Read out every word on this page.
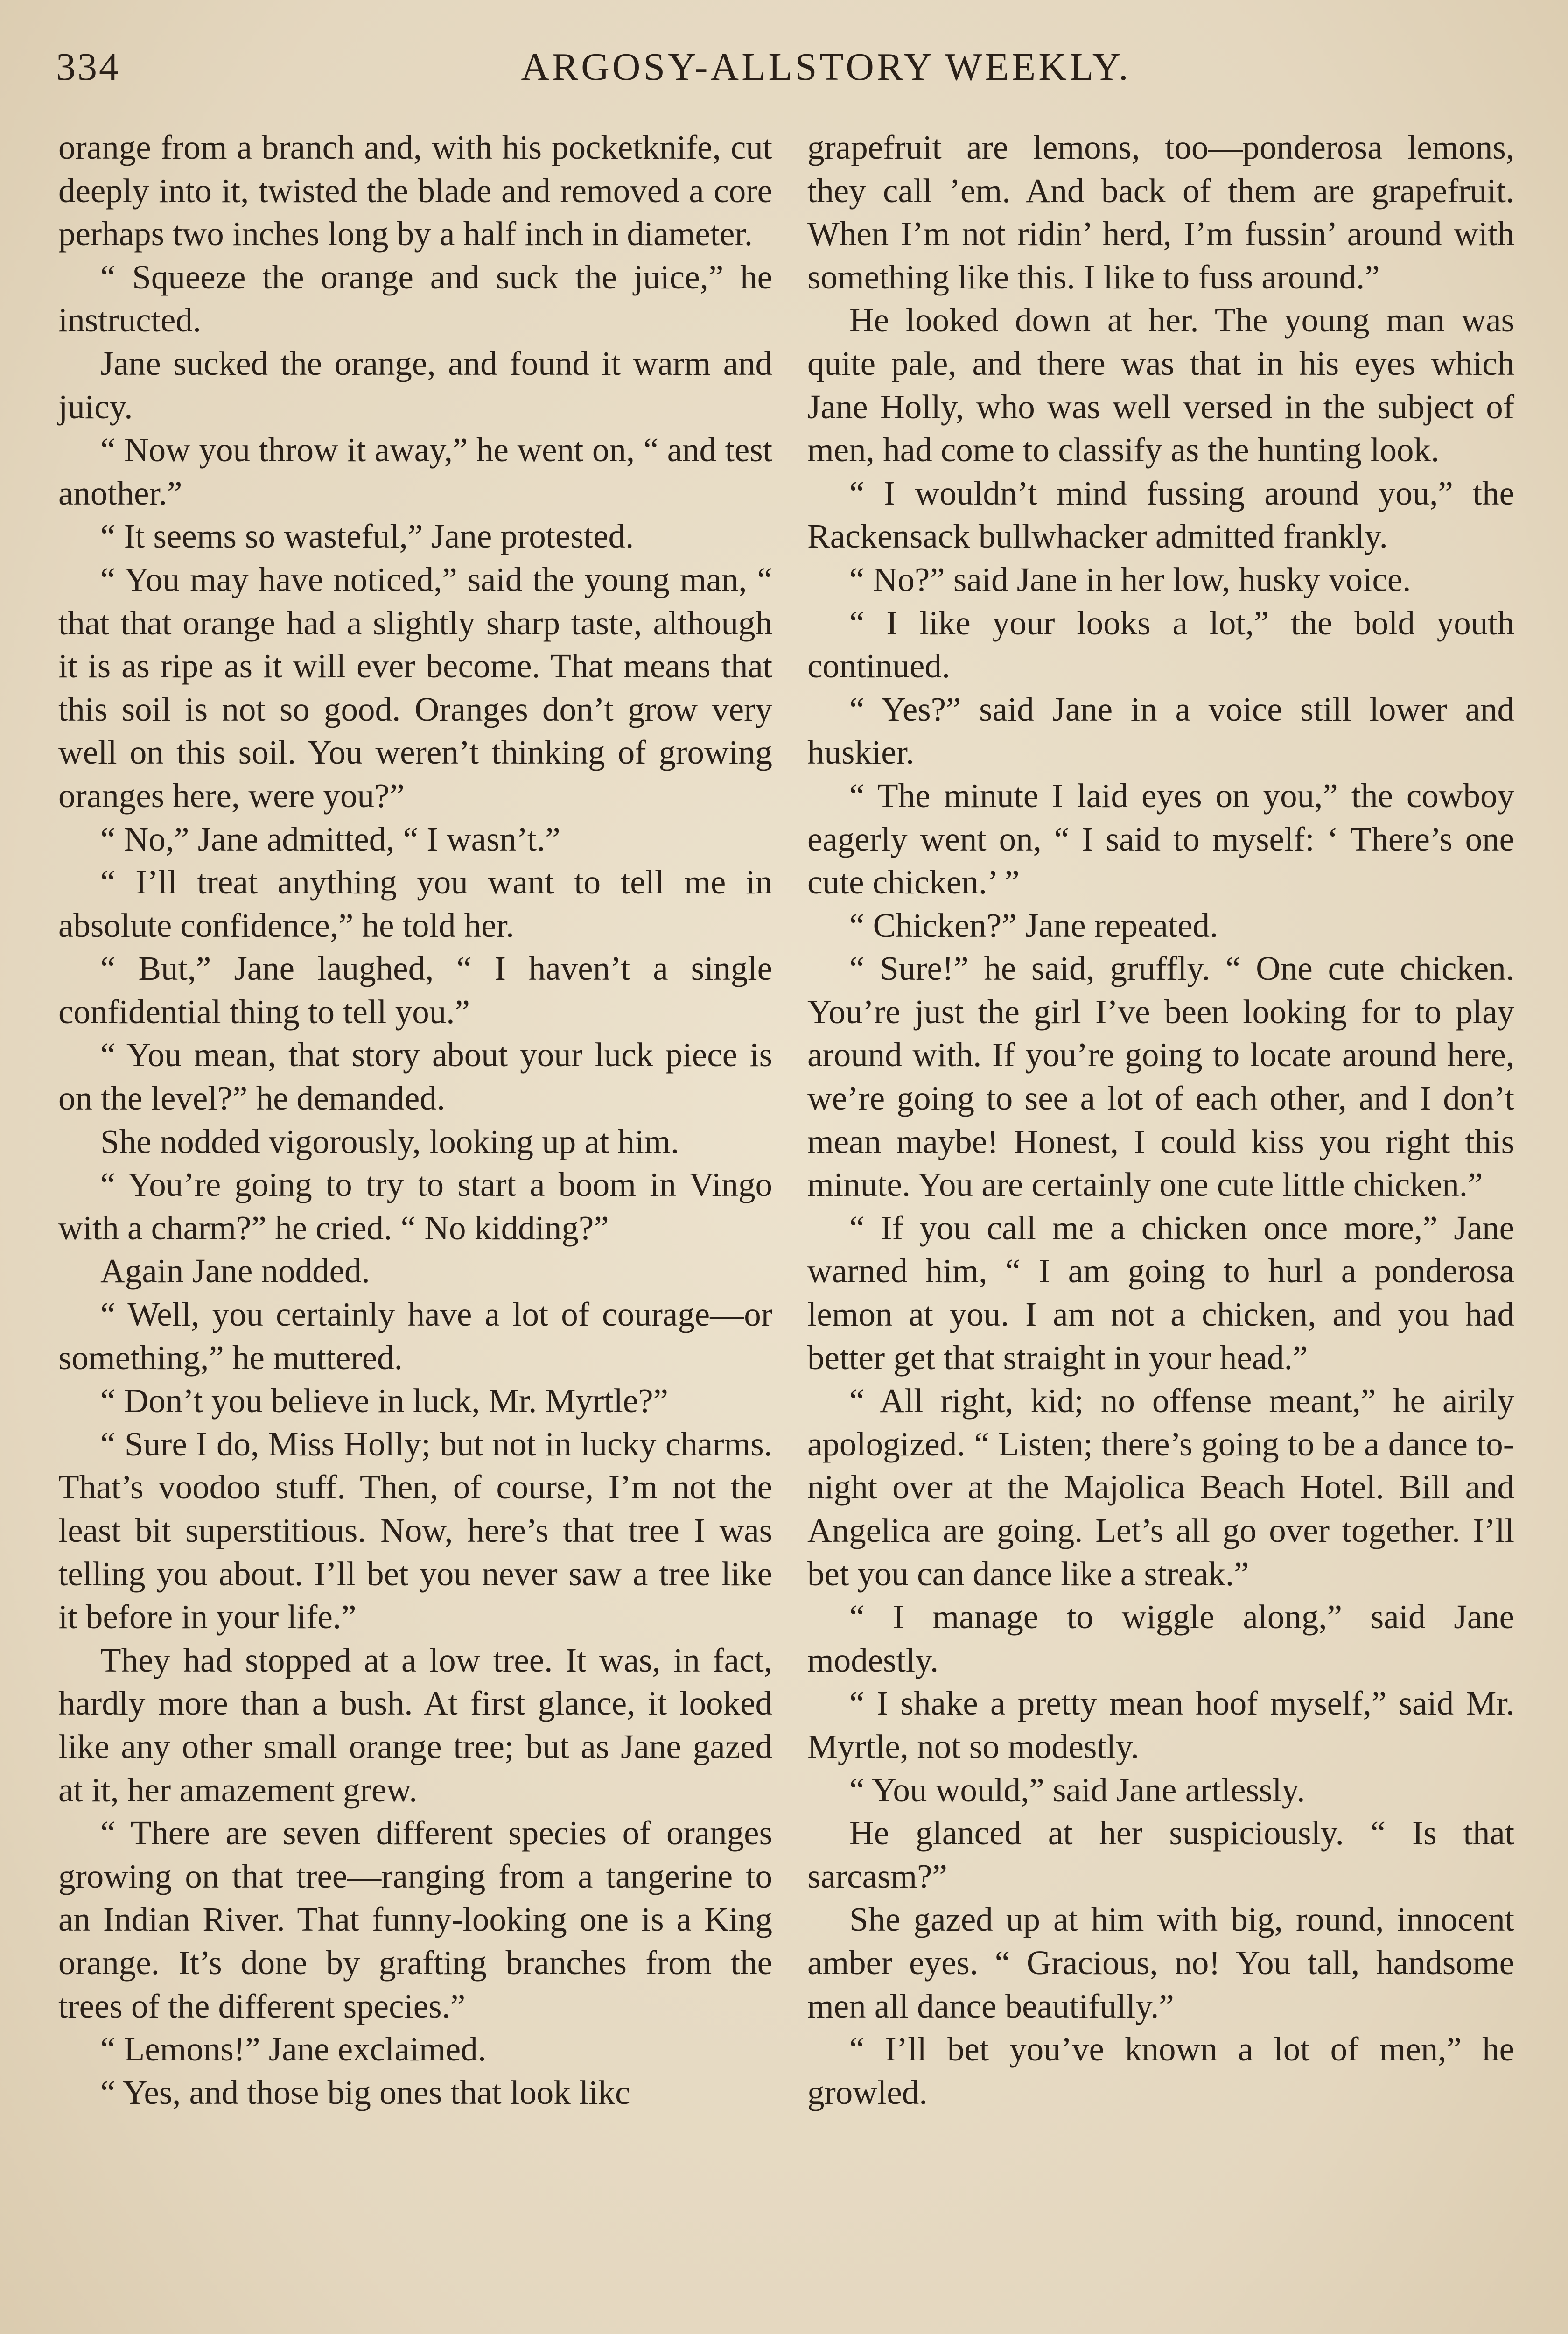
334	ARGOSY-ALLSTORY WEEKLY.

orange from a branch and, with his pocketknife, cut deeply into it, twisted the blade and removed a core perhaps two inches long by a half inch in diameter.

“ Squeeze the orange and suck the juice,” he instructed.

Jane sucked the orange, and found it warm and juicy.

“ Now you throw it away,” he went on, “ and test another.”

“ It seems so wasteful,” Jane protested.

“ You may have noticed,” said the young man, “ that that orange had a slightly sharp taste, although it is as ripe as it will ever become. That means that this soil is not so good. Oranges don’t grow very well on this soil. You weren’t thinking of growing oranges here, were you?”

“ No,” Jane admitted, “ I wasn’t.”

“ I’ll treat anything you want to tell me in absolute confidence,” he told her.

“ But,” Jane laughed, “ I haven’t a single confidential thing to tell you.”

“ You mean, that story about your luck piece is on the level?” he demanded.

She nodded vigorously, looking up at him.

“ You’re going to try to start a boom in Vingo with a charm?” he cried. “ No kidding?”

Again Jane nodded.

“ Well, you certainly have a lot of courage—or something,” he muttered.

“ Don’t you believe in luck, Mr. Myrtle?”

“ Sure I do, Miss Holly; but not in lucky charms. That’s voodoo stuff. Then, of course, I’m not the least bit superstitious. Now, here’s that tree I was telling you about. I’ll bet you never saw a tree like it before in your life.”

They had stopped at a low tree. It was, in fact, hardly more than a bush. At first glance, it looked like any other small orange tree; but as Jane gazed at it, her amazement grew.

“ There are seven different species of oranges growing on that tree—ranging from a tangerine to an Indian River. That funny-looking one is a King orange. It’s done by grafting branches from the trees of the different species.”

“ Lemons!” Jane exclaimed.

“ Yes, and those big ones that look likc

grapefruit are lemons, too—ponderosa lemons, they call ’em. And back of them are grapefruit. When I’m not ridin’ herd, I’m fussin’ around with something like this. I like to fuss around.”

He looked down at her. The young man was quite pale, and there was that in his eyes which Jane Holly, who was well versed in the subject of men, had come to classify as the hunting look.

“ I wouldn’t mind fussing around you,” the Rackensack bullwhacker admitted frankly.

“ No?” said Jane in her low, husky voice.

“ I like your looks a lot,” the bold youth continued.

“ Yes?” said Jane in a voice still lower and huskier.

“ The minute I laid eyes on you,” the cowboy eagerly went on, “ I said to myself: ‘ There’s one cute chicken.’ ”

“ Chicken?” Jane repeated.

“ Sure!” he said, gruffly. “ One cute chicken. You’re just the girl I’ve been looking for to play around with. If you’re going to locate around here, we’re going to see a lot of each other, and I don’t mean maybe! Honest, I could kiss you right this minute. You are certainly one cute little chicken.”

“ If you call me a chicken once more,” Jane warned him, “ I am going to hurl a ponderosa lemon at you. I am not a chicken, and you had better get that straight in your head.”

“ All right, kid; no offense meant,” he airily apologized. “ Listen; there’s going to be a dance to-night over at the Majolica Beach Hotel. Bill and Angelica are going. Let’s all go over together. I’ll bet you can dance like a streak.”

“ I manage to wiggle along,” said Jane modestly.

“ I shake a pretty mean hoof myself,” said Mr. Myrtle, not so modestly.

“ You would,” said Jane artlessly.

He glanced at her suspiciously. “ Is that sarcasm?”

She gazed up at him with big, round, innocent amber eyes. “ Gracious, no! You tall, handsome men all dance beautifully.”

“ I’ll bet you’ve known a lot of men,” he growled.
